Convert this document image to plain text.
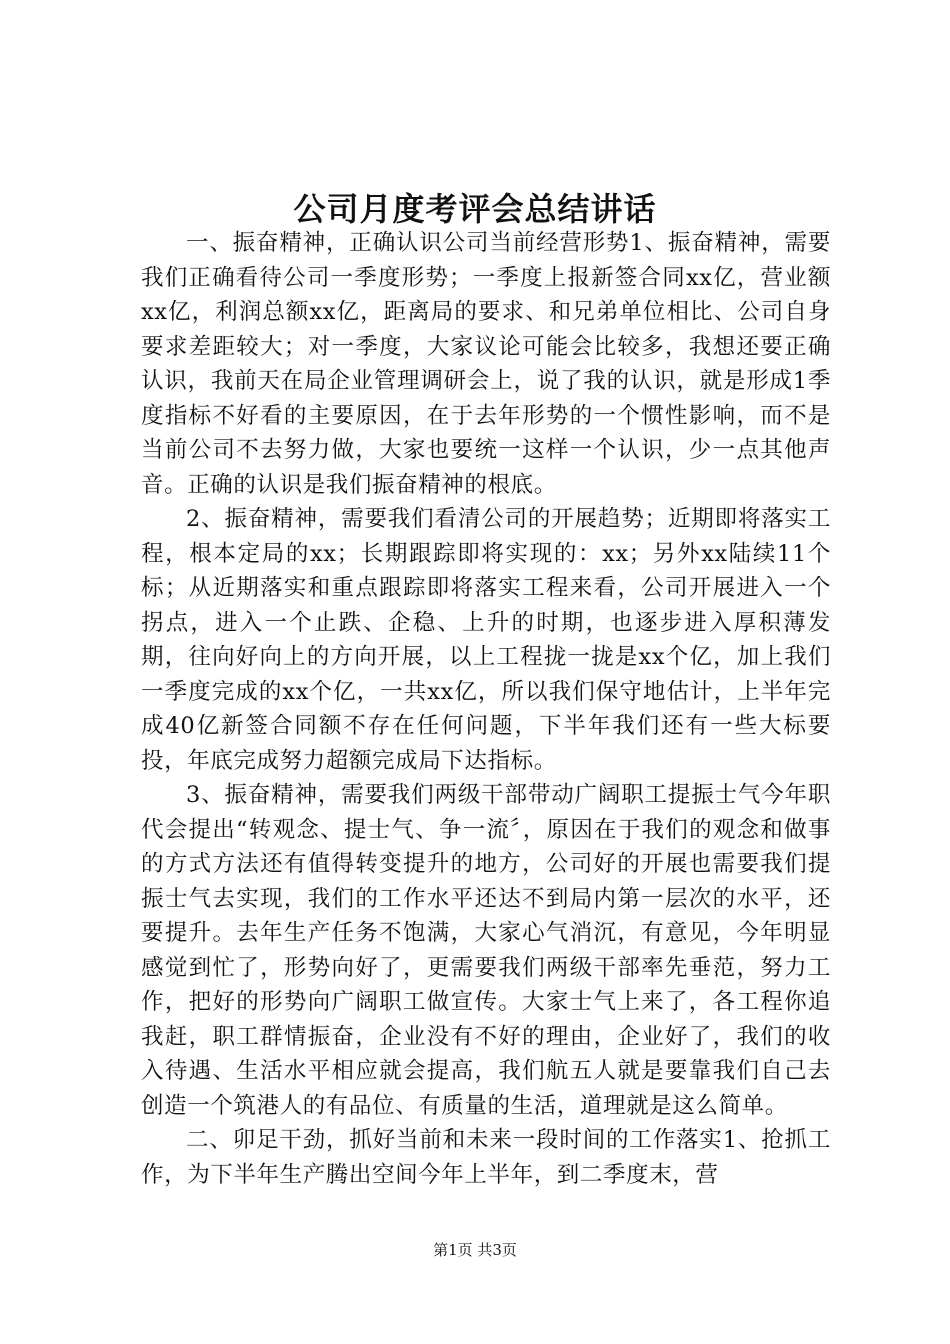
公司月度考评会总结讲话

一、振奋精神，正确认识公司当前经营形势1、振奋精神，需要我们正确看待公司一季度形势；一季度上报新签合同xx亿，营业额xx亿，利润总额xx亿，距离局的要求、和兄弟单位相比、公司自身要求差距较大；对一季度，大家议论可能会比较多，我想还要正确认识，我前天在局企业管理调研会上，说了我的认识，就是形成1季度指标不好看的主要原因，在于去年形势的一个惯性影响，而不是当前公司不去努力做，大家也要统一这样一个认识，少一点其他声音。正确的认识是我们振奋精神的根底。

2、振奋精神，需要我们看清公司的开展趋势；近期即将落实工程，根本定局的xx；长期跟踪即将实现的：xx；另外xx陆续11个标；从近期落实和重点跟踪即将落实工程来看，公司开展进入一个拐点，进入一个止跌、企稳、上升的时期，也逐步进入厚积薄发期，往向好向上的方向开展，以上工程拢一拢是xx个亿，加上我们一季度完成的xx个亿，一共xx亿，所以我们保守地估计，上半年完成40亿新签合同额不存在任何问题，下半年我们还有一些大标要投，年底完成努力超额完成局下达指标。

3、振奋精神，需要我们两级干部带动广阔职工提振士气今年职代会提出“转观念、提士气、争一流〞，原因在于我们的观念和做事的方式方法还有值得转变提升的地方，公司好的开展也需要我们提振士气去实现，我们的工作水平还达不到局内第一层次的水平，还要提升。去年生产任务不饱满，大家心气消沉，有意见，今年明显感觉到忙了，形势向好了，更需要我们两级干部率先垂范，努力工作，把好的形势向广阔职工做宣传。大家士气上来了，各工程你追我赶，职工群情振奋，企业没有不好的理由，企业好了，我们的收入待遇、生活水平相应就会提高，我们航五人就是要靠我们自己去创造一个筑港人的有品位、有质量的生活，道理就是这么简单。

二、卯足干劲，抓好当前和未来一段时间的工作落实1、抢抓工作，为下半年生产腾出空间今年上半年，到二季度末，营

第1页 共3页
